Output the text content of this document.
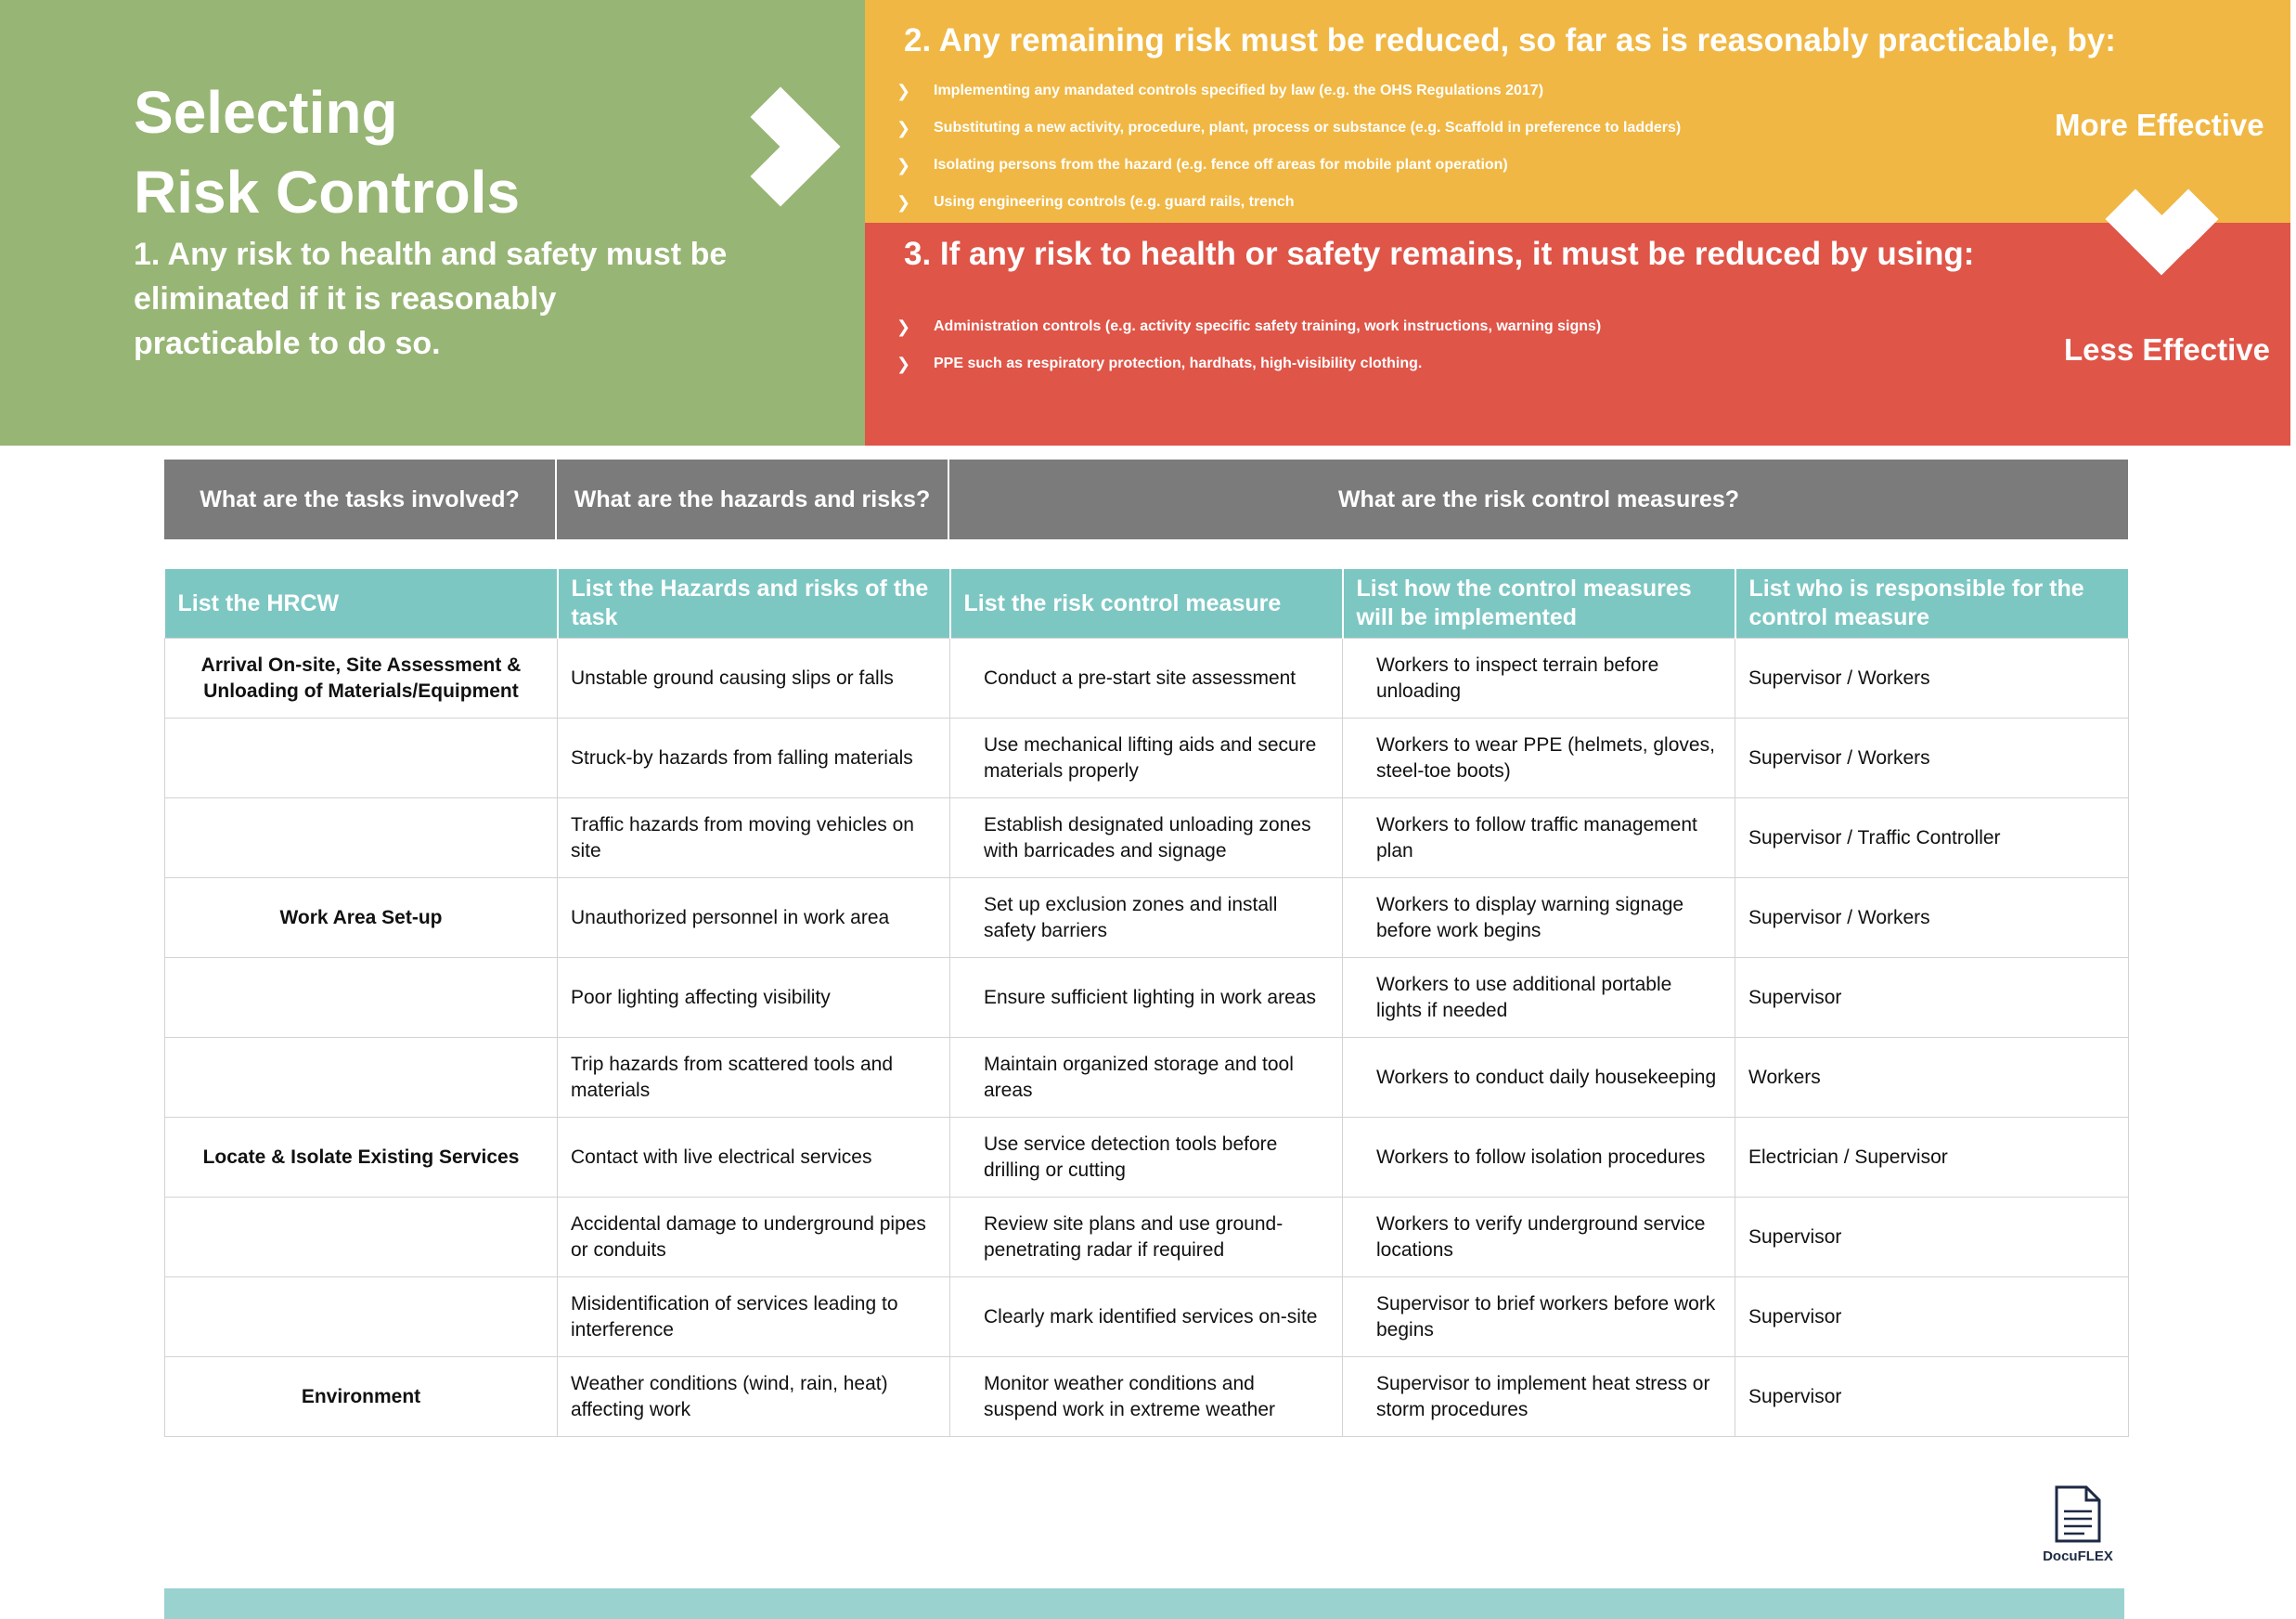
Selecting
Risk Controls

1. Any risk to health and safety must be eliminated if it is reasonably practicable to do so.

2. Any remaining risk must be reduced, so far as is reasonably practicable, by:

❯ Implementing any mandated controls specified by law (e.g. the OHS Regulations 2017)
❯ Substituting a new activity, procedure, plant, process or substance (e.g. Scaffold in preference to ladders)
❯ Isolating persons from the hazard (e.g. fence off areas for mobile plant operation)
❯ Using engineering controls (e.g. guard rails, trench
More Effective

3. If any risk to health or safety remains, it must be reduced by using:

❯ Administration controls (e.g. activity specific safety training, work instructions, warning signs)
❯ PPE such as respiratory protection, hardhats, high-visibility clothing.	Less Effective
What are the tasks involved?	What are the hazards and risks?	What are the risk control measures?
List the HRCW	List the Hazards and risks of the task	List the risk control measure	List how the control measures will be implemented	List who is responsible for the control measure
Arrival On-site, Site Assessment & Unloading of Materials/Equipment	Unstable ground causing slips or falls	Conduct a pre-start site assessment	Workers to inspect terrain before unloading	Supervisor / Workers
	Struck-by hazards from falling materials	Use mechanical lifting aids and secure materials properly	Workers to wear PPE (helmets, gloves, steel-toe boots)	Supervisor / Workers
	Traffic hazards from moving vehicles on site	Establish designated unloading zones with barricades and signage	Workers to follow traffic management plan	Supervisor / Traffic Controller
Work Area Set-up	Unauthorized personnel in work area	Set up exclusion zones and install safety barriers	Workers to display warning signage before work begins	Supervisor / Workers
	Poor lighting affecting visibility	Ensure sufficient lighting in work areas	Workers to use additional portable lights if needed	Supervisor
	Trip hazards from scattered tools and materials	Maintain organized storage and tool areas	Workers to conduct daily housekeeping	Workers
Locate & Isolate Existing Services	Contact with live electrical services	Use service detection tools before drilling or cutting	Workers to follow isolation procedures	Electrician / Supervisor
	Accidental damage to underground pipes or conduits	Review site plans and use ground-penetrating radar if required	Workers to verify underground service locations	Supervisor
	Misidentification of services leading to interference	Clearly mark identified services on-site	Supervisor to brief workers before work begins	Supervisor
Environment	Weather conditions (wind, rain, heat) affecting work	Monitor weather conditions and suspend work in extreme weather	Supervisor to implement heat stress or storm procedures	Supervisor
DocuFLEX
